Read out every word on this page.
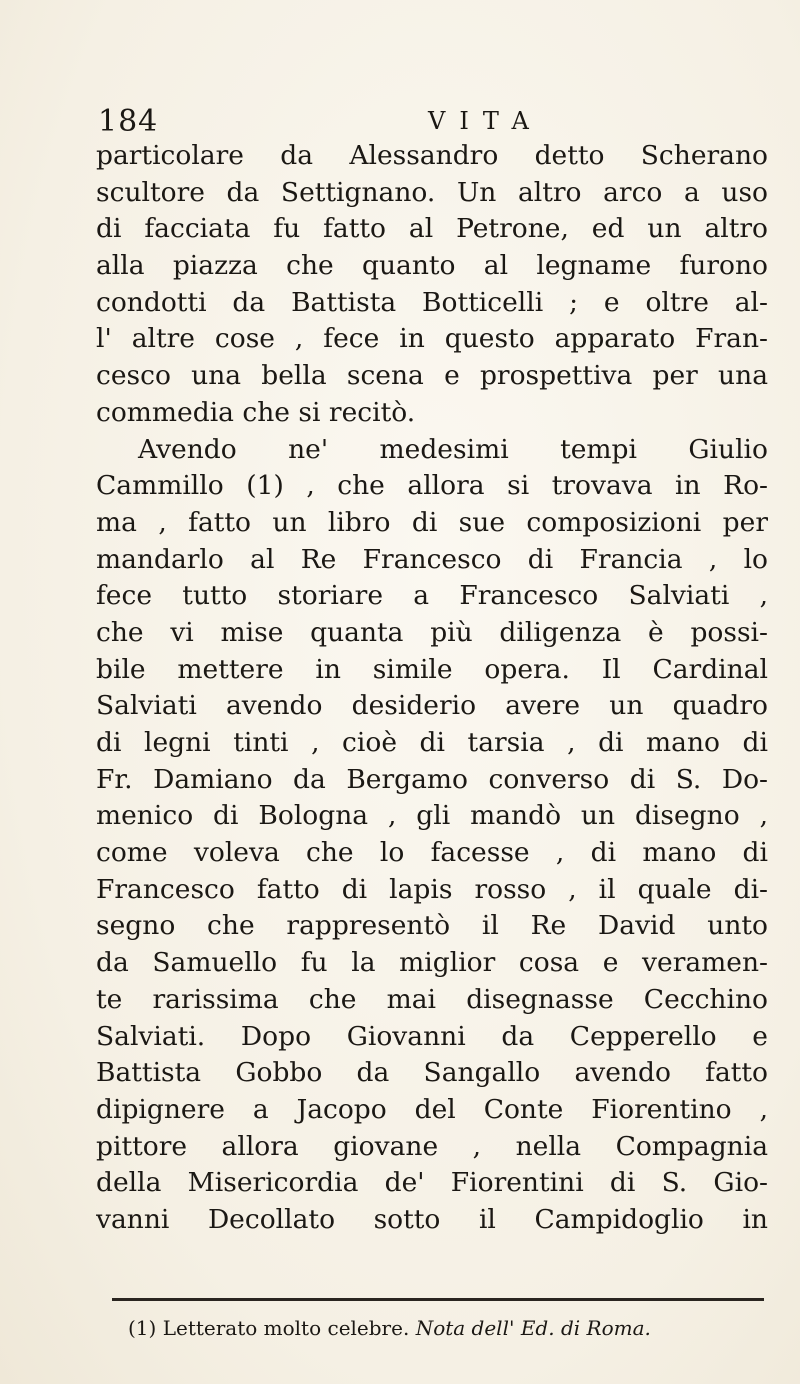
184	VITA
particolare da Alessandro detto Scherano
scultore da Settignano. Un altro arco a uso
di facciata fu fatto al Petrone, ed un altro
alla piazza che quanto al legname furono
condotti da Battista Botticelli ; e oltre al-
l' altre cose , fece in questo apparato Fran-
cesco una bella scena e prospettiva per una
commedia che si recitò.
Avendo ne' medesimi tempi Giulio
Cammillo (1) , che allora si trovava in Ro-
ma , fatto un libro di sue composizioni per
mandarlo al Re Francesco di Francia , lo
fece tutto storiare a Francesco Salviati ,
che vi mise quanta più diligenza è possi-
bile mettere in simile opera. Il Cardinal
Salviati avendo desiderio avere un quadro
di legni tinti , cioè di tarsia , di mano di
Fr. Damiano da Bergamo converso di S. Do-
menico di Bologna , gli mandò un disegno ,
come voleva che lo facesse , di mano di
Francesco fatto di lapis rosso , il quale di-
segno che rappresentò il Re David unto
da Samuello fu la miglior cosa e veramen-
te rarissima che mai disegnasse Cecchino
Salviati. Dopo Giovanni da Cepperello e
Battista Gobbo da Sangallo avendo fatto
dipignere a Jacopo del Conte Fiorentino ,
pittore allora giovane , nella Compagnia
della Misericordia de' Fiorentini di S. Gio-
vanni Decollato sotto il Campidoglio in
(1) Letterato molto celebre. Nota dell' Ed. di Roma.
